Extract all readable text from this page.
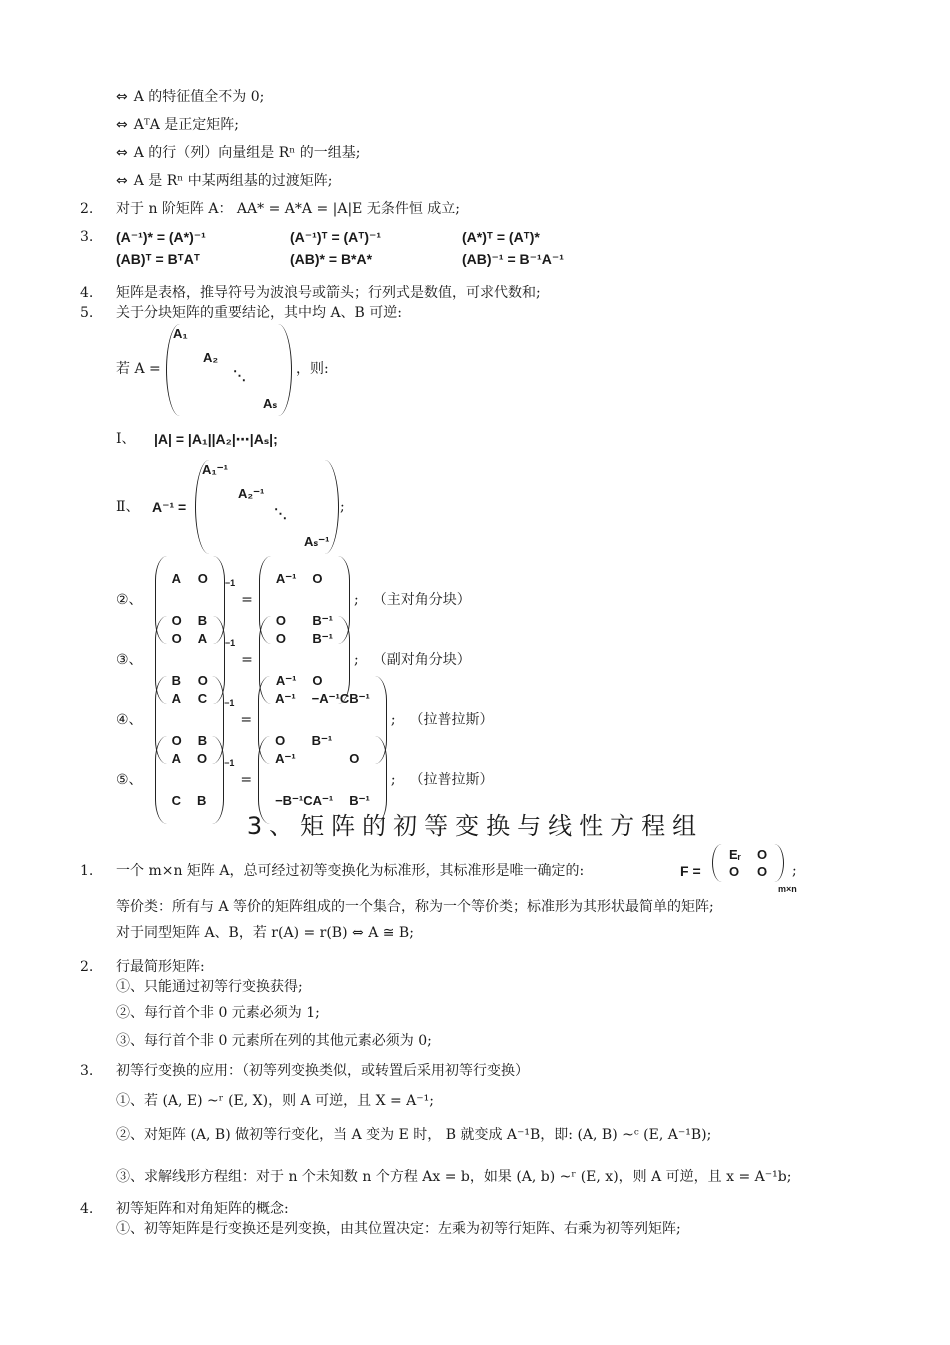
⇔ A 的特征值全不为 0;
⇔ AᵀA 是正定矩阵;
⇔ A 的行（列）向量组是 Rⁿ 的一组基;
⇔ A 是 Rⁿ 中某两组基的过渡矩阵;
2. 对于 n 阶矩阵 A： AA* = A*A = |A|E 无条件恒 成立;
3. (A⁻¹)* = (A*)⁻¹	(A⁻¹)ᵀ = (Aᵀ)⁻¹	(A*)ᵀ = (Aᵀ)*
(AB)ᵀ = BᵀAᵀ	(AB)* = B*A*	(AB)⁻¹ = B⁻¹A⁻¹
4. 矩阵是表格，推导符号为波浪号或箭头；行列式是数值，可求代数和;
5. 关于分块矩阵的重要结论，其中均 A、B 可逆:
若 A =
A₁
A₂
⋱
Aₛ
，则:
Ⅰ、 |A| = |A₁||A₂|⋯|Aₛ|;
Ⅱ、 A⁻¹ =
A₁⁻¹
A₂⁻¹
⋱
Aₛ⁻¹
;
②、
A	O
O	B
$^{-1}$=
A⁻¹	O
O	B⁻¹
; （主对角分块）
③、
O	A
B	O
$^{-1}$=
O	B⁻¹
A⁻¹	O
; （副对角分块）
④、
A	C
O	B
$^{-1}$=
A⁻¹	−A⁻¹CB⁻¹
O	B⁻¹
; （拉普拉斯）
⑤、
A	O
C	B
$^{-1}$=
A⁻¹	O
−B⁻¹CA⁻¹	B⁻¹
; （拉普拉斯）
3、矩阵的初等变换与线性方程组
1. 一个 m×n 矩阵 A，总可经过初等变换化为标准形，其标准形是唯一确定的:	F =
Eᵣ	O
O	O
m×n
;
等价类：所有与 A 等价的矩阵组成的一个集合，称为一个等价类；标准形为其形状最简单的矩阵;
对于同型矩阵 A、B，若 r(A) = r(B) ⇔ A ≅ B;
2. 行最简形矩阵:
①、只能通过初等行变换获得;
②、每行首个非 0 元素必须为 1;
③、每行首个非 0 元素所在列的其他元素必须为 0;
3. 初等行变换的应用：（初等列变换类似，或转置后采用初等行变换）
①、若 (A, E) ~ʳ (E, X)，则 A 可逆，且 X = A⁻¹;
②、对矩阵 (A, B) 做初等行变化，当 A 变为 E 时， B 就变成 A⁻¹B，即: (A, B) ~ᶜ (E, A⁻¹B);
③、求解线形方程组：对于 n 个未知数 n 个方程 Ax = b，如果 (A, b) ~ʳ (E, x)，则 A 可逆，且 x = A⁻¹b;
4. 初等矩阵和对角矩阵的概念:
①、初等矩阵是行变换还是列变换，由其位置决定：左乘为初等行矩阵、右乘为初等列矩阵;
